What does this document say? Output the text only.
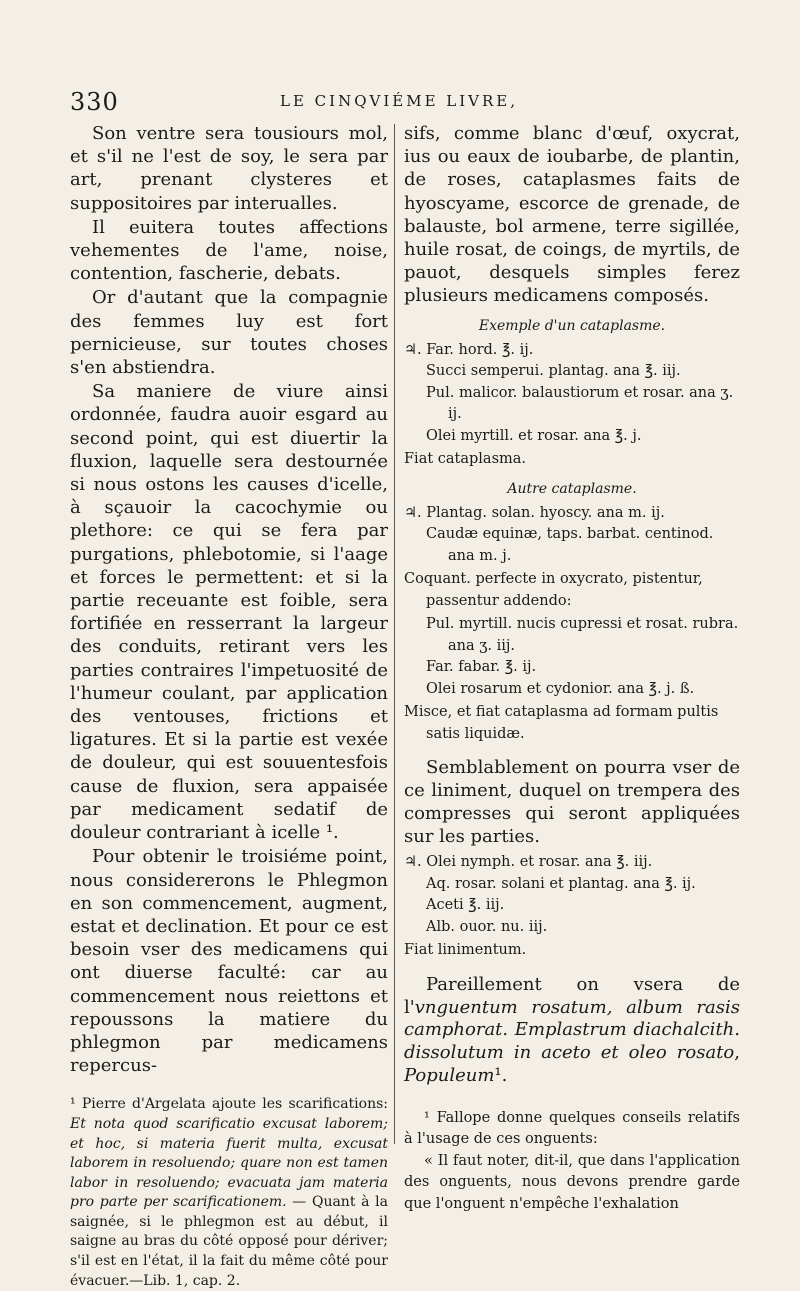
330	LE CINQVIÉME LIVRE,

Son ventre sera tousiours mol, et s'il ne l'est de soy, le sera par art, prenant clysteres et suppositoires par interualles.

Il euitera toutes affections vehementes de l'ame, noise, contention, fascherie, debats.

Or d'autant que la compagnie des femmes luy est fort pernicieuse, sur toutes choses s'en abstiendra.

Sa maniere de viure ainsi ordonnée, faudra auoir esgard au second point, qui est diuertir la fluxion, laquelle sera destournée si nous ostons les causes d'icelle, à sçauoir la cacochymie ou plethore: ce qui se fera par purgations, phlebotomie, si l'aage et forces le permettent: et si la partie receuante est foible, sera fortifiée en resserrant la largeur des conduits, retirant vers les parties contraires l'impetuosité de l'humeur coulant, par application des ventouses, frictions et ligatures. Et si la partie est vexée de douleur, qui est souuentesfois cause de fluxion, sera appaisée par medicament sedatif de douleur contrariant à icelle ¹.

Pour obtenir le troisiéme point, nous considererons le Phlegmon en son commencement, augment, estat et declination. Et pour ce est besoin vser des medicamens qui ont diuerse faculté: car au commencement nous reiettons et repoussons la matiere du phlegmon par medicamens repercus-

¹ Pierre d'Argelata ajoute les scarifications: Et nota quod scarificatio excusat laborem; et hoc, si materia fuerit multa, excusat laborem in resoluendo; quare non est tamen labor in resoluendo; evacuata jam materia pro parte per scarificationem. — Quant à la saignée, si le phlegmon est au début, il saigne au bras du côté opposé pour dériver; s'il est en l'état, il la fait du même côté pour évacuer.—Lib. 1, cap. 2.

sifs, comme blanc d'œuf, oxycrat, ius ou eaux de ioubarbe, de plantin, de roses, cataplasmes faits de hyoscyame, escorce de grenade, de balauste, bol armene, terre sigillée, huile rosat, de coings, de myrtils, de pauot, desquels simples ferez plusieurs medicamens composés.

Exemple d'un cataplasme.

♃. Far. hord. ℥. ij.

Succi semperui. plantag. ana ℥. iij.

Pul. malicor. balaustiorum et rosar. ana ʒ. ij.

Olei myrtill. et rosar. ana ℥. j.

Fiat cataplasma.

Autre cataplasme.

♃. Plantag. solan. hyoscy. ana m. ij.

Caudæ equinæ, taps. barbat. centinod. ana m. j.

Coquant. perfecte in oxycrato, pistentur, passentur addendo:

Pul. myrtill. nucis cupressi et rosat. rubra. ana ʒ. iij.

Far. fabar. ℥. ij.

Olei rosarum et cydonior. ana ℥. j. ß.

Misce, et fiat cataplasma ad formam pultis satis liquidæ.

Semblablement on pourra vser de ce liniment, duquel on trempera des compresses qui seront appliquées sur les parties.

♃. Olei nymph. et rosar. ana ℥. iij.

Aq. rosar. solani et plantag. ana ℥. ij.

Aceti ℥. iij.

Alb. ouor. nu. iij.

Fiat linimentum.

Pareillement on vsera de l'vnguentum rosatum, album rasis camphorat. Emplastrum diachalcith. dissolutum in aceto et oleo rosato, Populeum¹.

¹ Fallope donne quelques conseils relatifs à l'usage de ces onguents:
« Il faut noter, dit-il, que dans l'application des onguents, nous devons prendre garde que l'onguent n'empêche l'exhalation
